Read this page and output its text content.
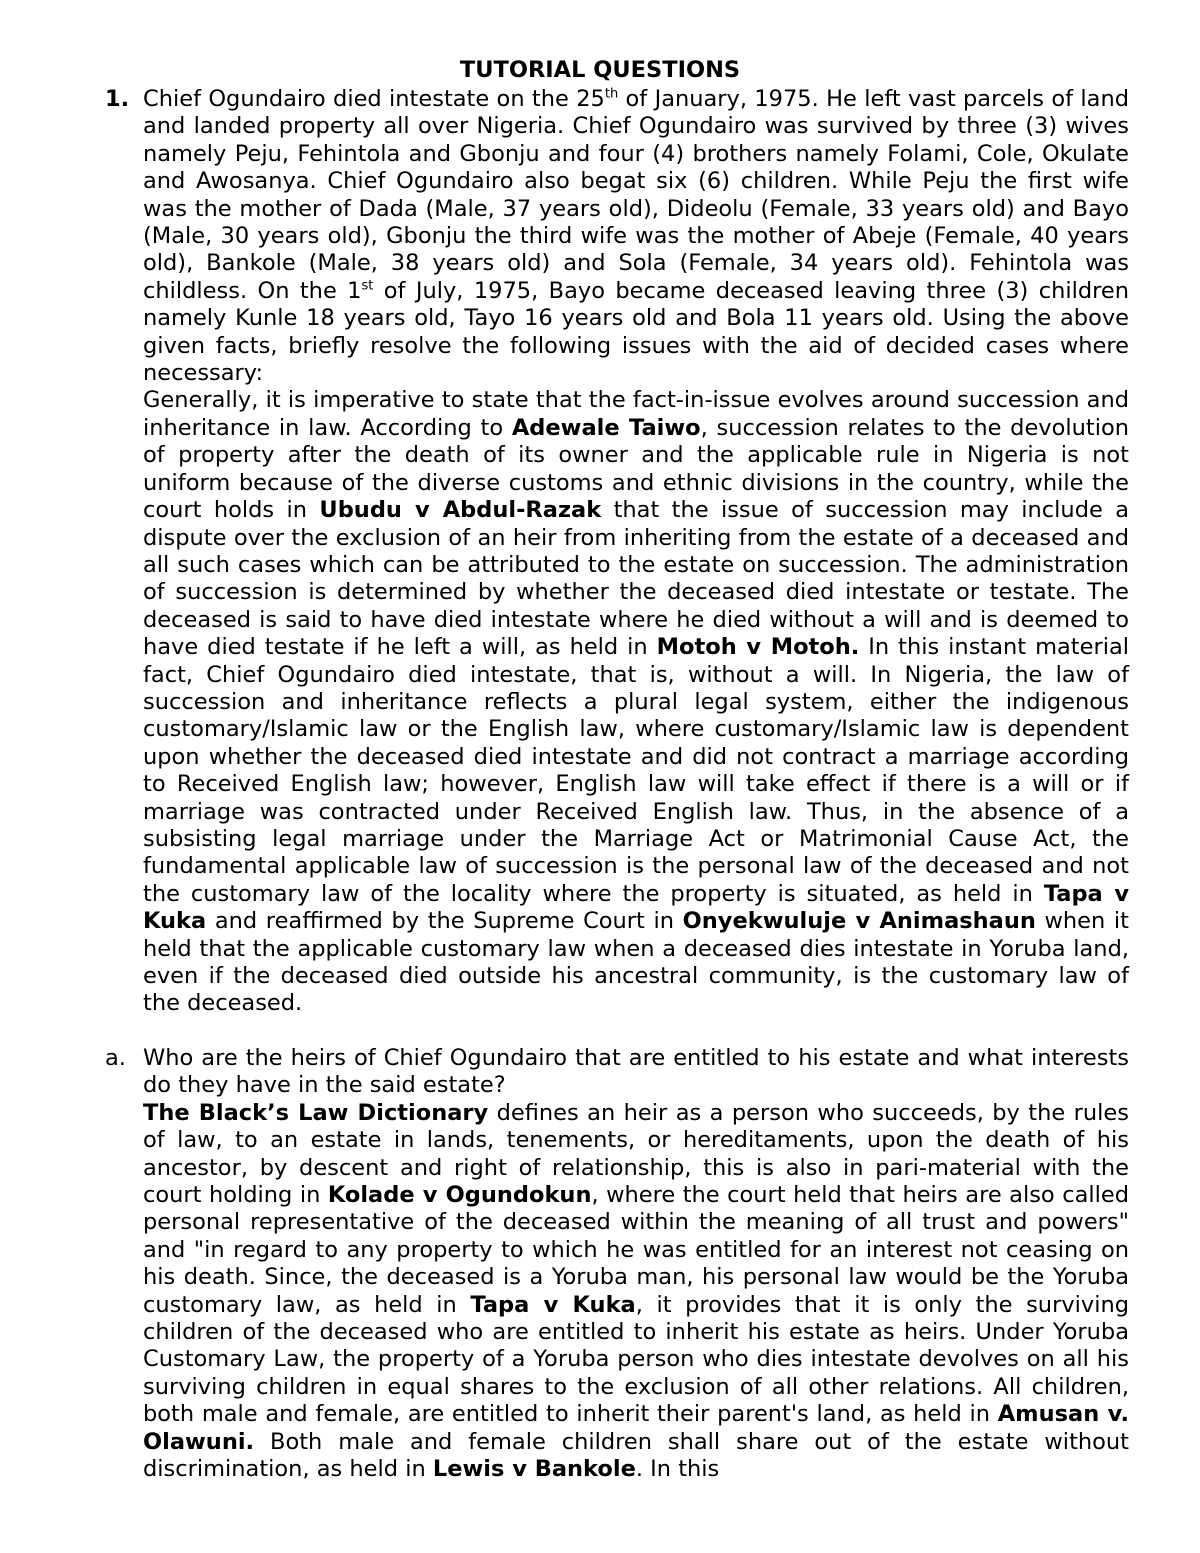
TUTORIAL QUESTIONS
1. Chief Ogundairo died intestate on the 25th of January, 1975. He left vast parcels of land and landed property all over Nigeria. Chief Ogundairo was survived by three (3) wives namely Peju, Fehintola and Gbonju and four (4) brothers namely Folami, Cole, Okulate and Awosanya. Chief Ogundairo also begat six (6) children. While Peju the first wife was the mother of Dada (Male, 37 years old), Dideolu (Female, 33 years old) and Bayo (Male, 30 years old), Gbonju the third wife was the mother of Abeje (Female, 40 years old), Bankole (Male, 38 years old) and Sola (Female, 34 years old). Fehintola was childless. On the 1st of July, 1975, Bayo became deceased leaving three (3) children namely Kunle 18 years old, Tayo 16 years old and Bola 11 years old. Using the above given facts, briefly resolve the following issues with the aid of decided cases where necessary:

Generally, it is imperative to state that the fact-in-issue evolves around succession and inheritance in law. According to Adewale Taiwo, succession relates to the devolution of property after the death of its owner and the applicable rule in Nigeria is not uniform because of the diverse customs and ethnic divisions in the country, while the court holds in Ubudu v Abdul-Razak that the issue of succession may include a dispute over the exclusion of an heir from inheriting from the estate of a deceased and all such cases which can be attributed to the estate on succession. The administration of succession is determined by whether the deceased died intestate or testate. The deceased is said to have died intestate where he died without a will and is deemed to have died testate if he left a will, as held in Motoh v Motoh. In this instant material fact, Chief Ogundairo died intestate, that is, without a will. In Nigeria, the law of succession and inheritance reflects a plural legal system, either the indigenous customary/Islamic law or the English law, where customary/Islamic law is dependent upon whether the deceased died intestate and did not contract a marriage according to Received English law; however, English law will take effect if there is a will or if marriage was contracted under Received English law. Thus, in the absence of a subsisting legal marriage under the Marriage Act or Matrimonial Cause Act, the fundamental applicable law of succession is the personal law of the deceased and not the customary law of the locality where the property is situated, as held in Tapa v Kuka and reaffirmed by the Supreme Court in Onyekwuluje v Animashaun when it held that the applicable customary law when a deceased dies intestate in Yoruba land, even if the deceased died outside his ancestral community, is the customary law of the deceased.

a. Who are the heirs of Chief Ogundairo that are entitled to his estate and what interests do they have in the said estate?

The Black’s Law Dictionary defines an heir as a person who succeeds, by the rules of law, to an estate in lands, tenements, or hereditaments, upon the death of his ancestor, by descent and right of relationship, this is also in pari-material with the court holding in Kolade v Ogundokun, where the court held that heirs are also called personal representative of the deceased within the meaning of all trust and powers" and "in regard to any property to which he was entitled for an interest not ceasing on his death. Since, the deceased is a Yoruba man, his personal law would be the Yoruba customary law, as held in Tapa v Kuka, it provides that it is only the surviving children of the deceased who are entitled to inherit his estate as heirs. Under Yoruba Customary Law, the property of a Yoruba person who dies intestate devolves on all his surviving children in equal shares to the exclusion of all other relations. All children, both male and female, are entitled to inherit their parent's land, as held in Amusan v. Olawuni. Both male and female children shall share out of the estate without discrimination, as held in Lewis v Bankole. In this
